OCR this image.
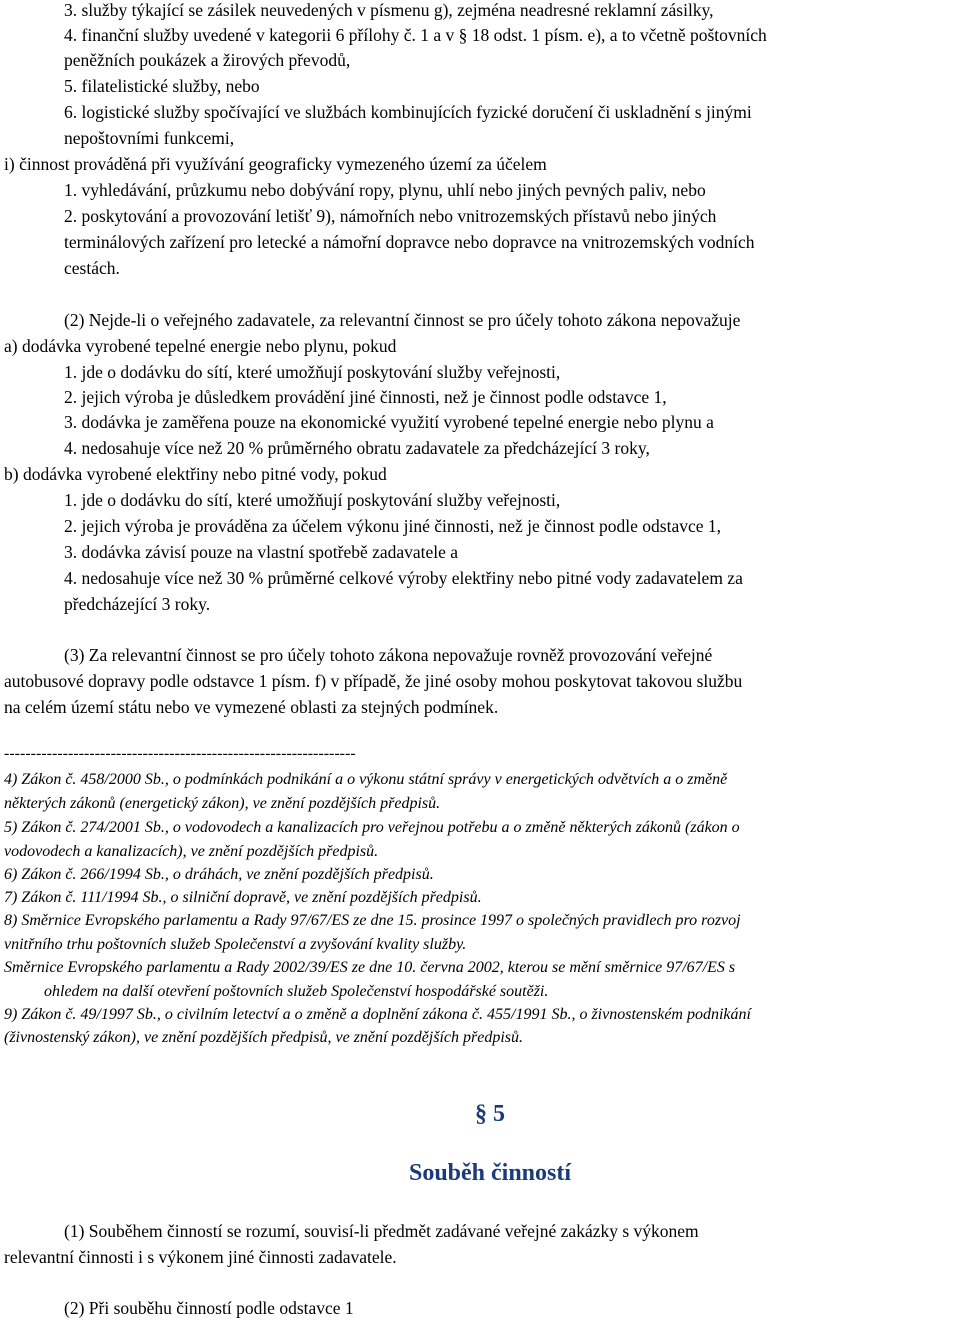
3. služby týkající se zásilek neuvedených v písmenu g), zejména neadresné reklamní zásilky,
4. finanční služby uvedené v kategorii 6 přílohy č. 1 a v § 18 odst. 1 písm. e), a to včetně poštovních
peněžních poukázek a žirových převodů,
5. filatelistické služby, nebo
6. logistické služby spočívající ve službách kombinujících fyzické doručení či uskladnění s jinými
nepoštovními funkcemi,
i) činnost prováděná při využívání geograficky vymezeného území za účelem
1. vyhledávání, průzkumu nebo dobývání ropy, plynu, uhlí nebo jiných pevných paliv, nebo
2. poskytování a provozování letišť 9), námořních nebo vnitrozemských přístavů nebo jiných
terminálových zařízení pro letecké a námořní dopravce nebo dopravce na vnitrozemských vodních
cestách.
(2) Nejde-li o veřejného zadavatele, za relevantní činnost se pro účely tohoto zákona nepovažuje
a) dodávka vyrobené tepelné energie nebo plynu, pokud
1. jde o dodávku do sítí, které umožňují poskytování služby veřejnosti,
2. jejich výroba je důsledkem provádění jiné činnosti, než je činnost podle odstavce 1,
3. dodávka je zaměřena pouze na ekonomické využití vyrobené tepelné energie nebo plynu a
4. nedosahuje více než 20 % průměrného obratu zadavatele za předcházející 3 roky,
b) dodávka vyrobené elektřiny nebo pitné vody, pokud
1. jde o dodávku do sítí, které umožňují poskytování služby veřejnosti,
2. jejich výroba je prováděna za účelem výkonu jiné činnosti, než je činnost podle odstavce 1,
3. dodávka závisí pouze na vlastní spotřebě zadavatele a
4. nedosahuje více než 30 % průměrné celkové výroby elektřiny nebo pitné vody zadavatelem za
předcházející 3 roky.
(3) Za relevantní činnost se pro účely tohoto zákona nepovažuje rovněž provozování veřejné
autobusové dopravy podle odstavce 1 písm. f) v případě, že jiné osoby mohou poskytovat takovou službu
na celém území státu nebo ve vymezené oblasti za stejných podmínek.
------------------------------------------------------------------
4) Zákon č. 458/2000 Sb., o podmínkách podnikání a o výkonu státní správy v energetických odvětvích a o změně
některých zákonů (energetický zákon), ve znění pozdějších předpisů.
5) Zákon č. 274/2001 Sb., o vodovodech a kanalizacích pro veřejnou potřebu a o změně některých zákonů (zákon o
vodovodech a kanalizacích), ve znění pozdějších předpisů.
6) Zákon č. 266/1994 Sb., o dráhách, ve znění pozdějších předpisů.
7) Zákon č. 111/1994 Sb., o silniční dopravě, ve znění pozdějších předpisů.
8) Směrnice Evropského parlamentu a Rady 97/67/ES ze dne 15. prosince 1997 o společných pravidlech pro rozvoj
vnitřního trhu poštovních služeb Společenství a zvyšování kvality služby.
Směrnice Evropského parlamentu a Rady 2002/39/ES ze dne 10. června 2002, kterou se mění směrnice 97/67/ES s
ohledem na další otevření poštovních služeb Společenství hospodářské soutěži.
9) Zákon č. 49/1997 Sb., o civilním letectví a o změně a doplnění zákona č. 455/1991 Sb., o živnostenském podnikání
(živnostenský zákon), ve znění pozdějších předpisů, ve znění pozdějších předpisů.
§ 5
Souběh činností
(1) Souběhem činností se rozumí, souvisí-li předmět zadávané veřejné zakázky s výkonem
relevantní činnosti i s výkonem jiné činnosti zadavatele.
(2) Při souběhu činností podle odstavce 1
